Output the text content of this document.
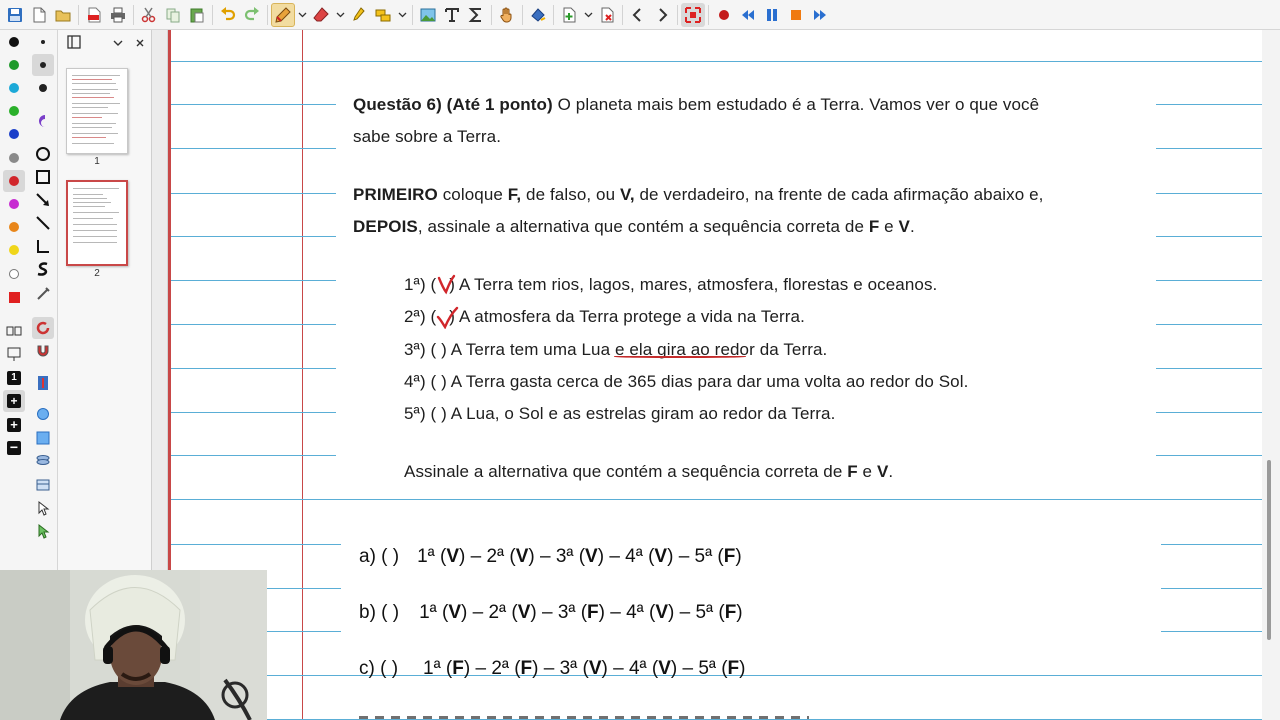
1
+
+
−
1
2
Questão 6) (Até 1 ponto) O planeta mais bem estudado é a Terra. Vamos ver o que você
sabe sobre a Terra.
PRIMEIRO coloque F, de falso, ou V, de verdadeiro, na frente de cada afirmação abaixo e,
DEPOIS, assinale a alternativa que contém a sequência correta de F e V.
1ª) ( ) A Terra tem rios, lagos, mares, atmosfera, florestas e oceanos.
2ª) ( ) A atmosfera da Terra protege a vida na Terra.
3ª) ( ) A Terra tem uma Lua e ela gira ao redor da Terra.
4ª) ( ) A Terra gasta cerca de 365 dias para dar uma volta ao redor do Sol.
5ª) ( ) A Lua, o Sol e as estrelas giram ao redor da Terra.
Assinale a alternativa que contém a sequência correta de F e V.
a) ( ) 1ª (V) – 2ª (V) – 3ª (V) – 4ª (V) – 5ª (F)
b) ( ) 1ª (V) – 2ª (V) – 3ª (F) – 4ª (V) – 5ª (F)
c) ( ) 1ª (F) – 2ª (F) – 3ª (V) – 4ª (V) – 5ª (F)
